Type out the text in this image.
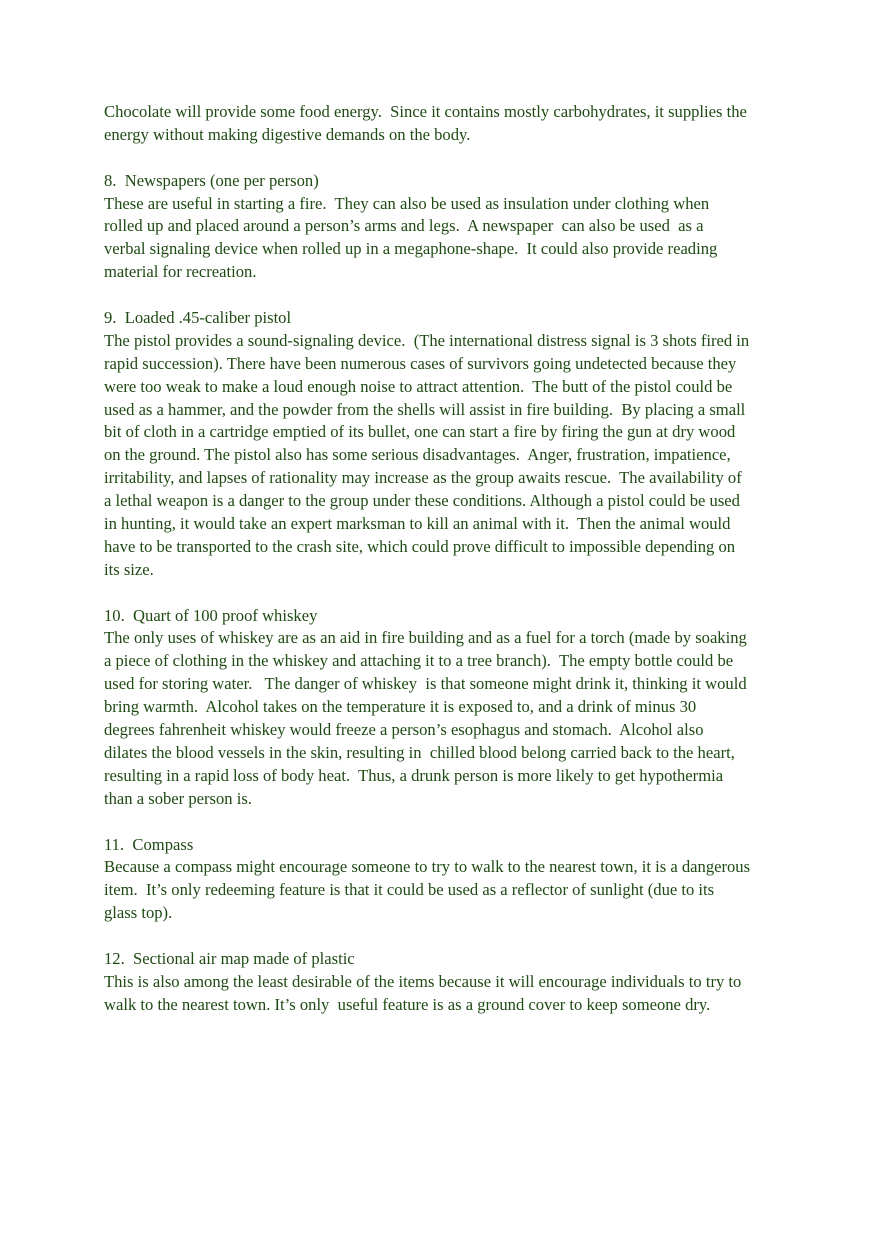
Chocolate will provide some food energy.  Since it contains mostly carbohydrates, it supplies the
energy without making digestive demands on the body.
8.  Newspapers (one per person)
These are useful in starting a fire.  They can also be used as insulation under clothing when
rolled up and placed around a person’s arms and legs.  A newspaper  can also be used  as a
verbal signaling device when rolled up in a megaphone-shape.  It could also provide reading
material for recreation.
9.  Loaded .45-caliber pistol
The pistol provides a sound-signaling device.  (The international distress signal is 3 shots fired in
rapid succession). There have been numerous cases of survivors going undetected because they
were too weak to make a loud enough noise to attract attention.  The butt of the pistol could be
used as a hammer, and the powder from the shells will assist in fire building.  By placing a small
bit of cloth in a cartridge emptied of its bullet, one can start a fire by firing the gun at dry wood
on the ground. The pistol also has some serious disadvantages.  Anger, frustration, impatience,
irritability, and lapses of rationality may increase as the group awaits rescue.  The availability of
a lethal weapon is a danger to the group under these conditions. Although a pistol could be used
in hunting, it would take an expert marksman to kill an animal with it.  Then the animal would
have to be transported to the crash site, which could prove difficult to impossible depending on
its size.
10.  Quart of 100 proof whiskey
The only uses of whiskey are as an aid in fire building and as a fuel for a torch (made by soaking
a piece of clothing in the whiskey and attaching it to a tree branch).  The empty bottle could be
used for storing water.   The danger of whiskey  is that someone might drink it, thinking it would
bring warmth.  Alcohol takes on the temperature it is exposed to, and a drink of minus 30
degrees fahrenheit whiskey would freeze a person’s esophagus and stomach.  Alcohol also
dilates the blood vessels in the skin, resulting in  chilled blood belong carried back to the heart,
resulting in a rapid loss of body heat.  Thus, a drunk person is more likely to get hypothermia
than a sober person is.
11.  Compass
Because a compass might encourage someone to try to walk to the nearest town, it is a dangerous
item.  It’s only redeeming feature is that it could be used as a reflector of sunlight (due to its
glass top).
12.  Sectional air map made of plastic
This is also among the least desirable of the items because it will encourage individuals to try to
walk to the nearest town. It’s only  useful feature is as a ground cover to keep someone dry.
